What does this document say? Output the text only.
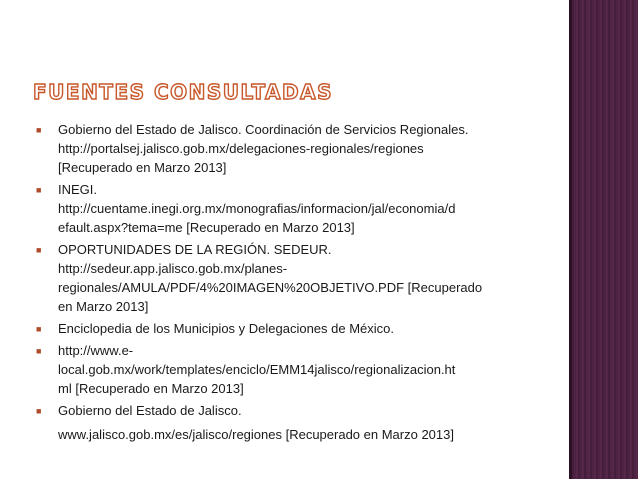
FUENTES CONSULTADAS
■ Gobierno del Estado de Jalisco. Coordinación de Servicios Regionales.
http://portalsej.jalisco.gob.mx/delegaciones-regionales/regiones
[Recuperado en Marzo 2013]
■ INEGI.
http://cuentame.inegi.org.mx/monografias/informacion/jal/economia/d
efault.aspx?tema=me [Recuperado en Marzo 2013]
■ OPORTUNIDADES DE LA REGIÓN. SEDEUR.
http://sedeur.app.jalisco.gob.mx/planes-
regionales/AMULA/PDF/4%20IMAGEN%20OBJETIVO.PDF [Recuperado
en Marzo 2013]
■ Enciclopedia de los Municipios y Delegaciones de México.
■ http://www.e-
local.gob.mx/work/templates/enciclo/EMM14jalisco/regionalizacion.ht
ml [Recuperado en Marzo 2013]
■ Gobierno del Estado de Jalisco.
www.jalisco.gob.mx/es/jalisco/regiones [Recuperado en Marzo 2013]
